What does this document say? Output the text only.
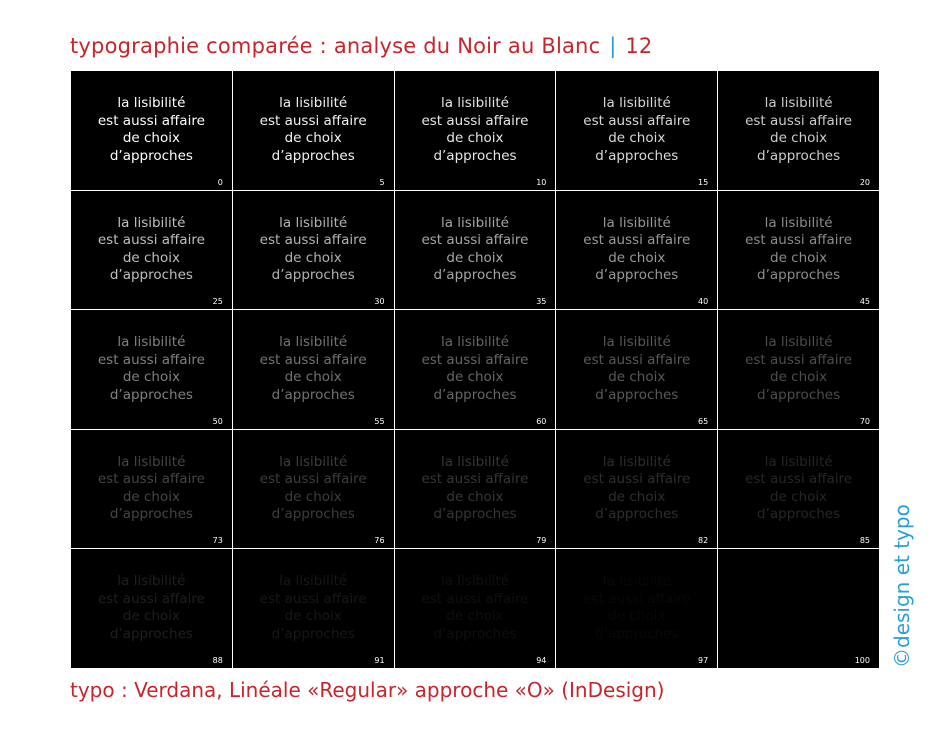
typographie comparée : analyse du Noir au Blanc | 12
la lisibilité
est aussi affaire
de choix
d’approches
0
la lisibilité
est aussi affaire
de choix
d’approches
5
la lisibilité
est aussi affaire
de choix
d’approches
10
la lisibilité
est aussi affaire
de choix
d’approches
15
la lisibilité
est aussi affaire
de choix
d’approches
20
la lisibilité
est aussi affaire
de choix
d’approches
25
la lisibilité
est aussi affaire
de choix
d’approches
30
la lisibilité
est aussi affaire
de choix
d’approches
35
la lisibilité
est aussi affaire
de choix
d’approches
40
la lisibilité
est aussi affaire
de choix
d’approches
45
la lisibilité
est aussi affaire
de choix
d’approches
50
la lisibilité
est aussi affaire
de choix
d’approches
55
la lisibilité
est aussi affaire
de choix
d’approches
60
la lisibilité
est aussi affaire
de choix
d’approches
65
la lisibilité
est aussi affaire
de choix
d’approches
70
la lisibilité
est aussi affaire
de choix
d’approches
73
la lisibilité
est aussi affaire
de choix
d’approches
76
la lisibilité
est aussi affaire
de choix
d’approches
79
la lisibilité
est aussi affaire
de choix
d’approches
82
la lisibilité
est aussi affaire
de choix
d’approches
85
la lisibilité
est aussi affaire
de choix
d’approches
88
la lisibilité
est aussi affaire
de choix
d’approches
91
la lisibilité
est aussi affaire
de choix
d’approches
94
la lisibilité
est aussi affaire
de choix
d’approches
97
la lisibilité
est aussi affaire
de choix
d’approches
100
typo : Verdana, Linéale «Regular» approche «O» (InDesign)
©design et typo
